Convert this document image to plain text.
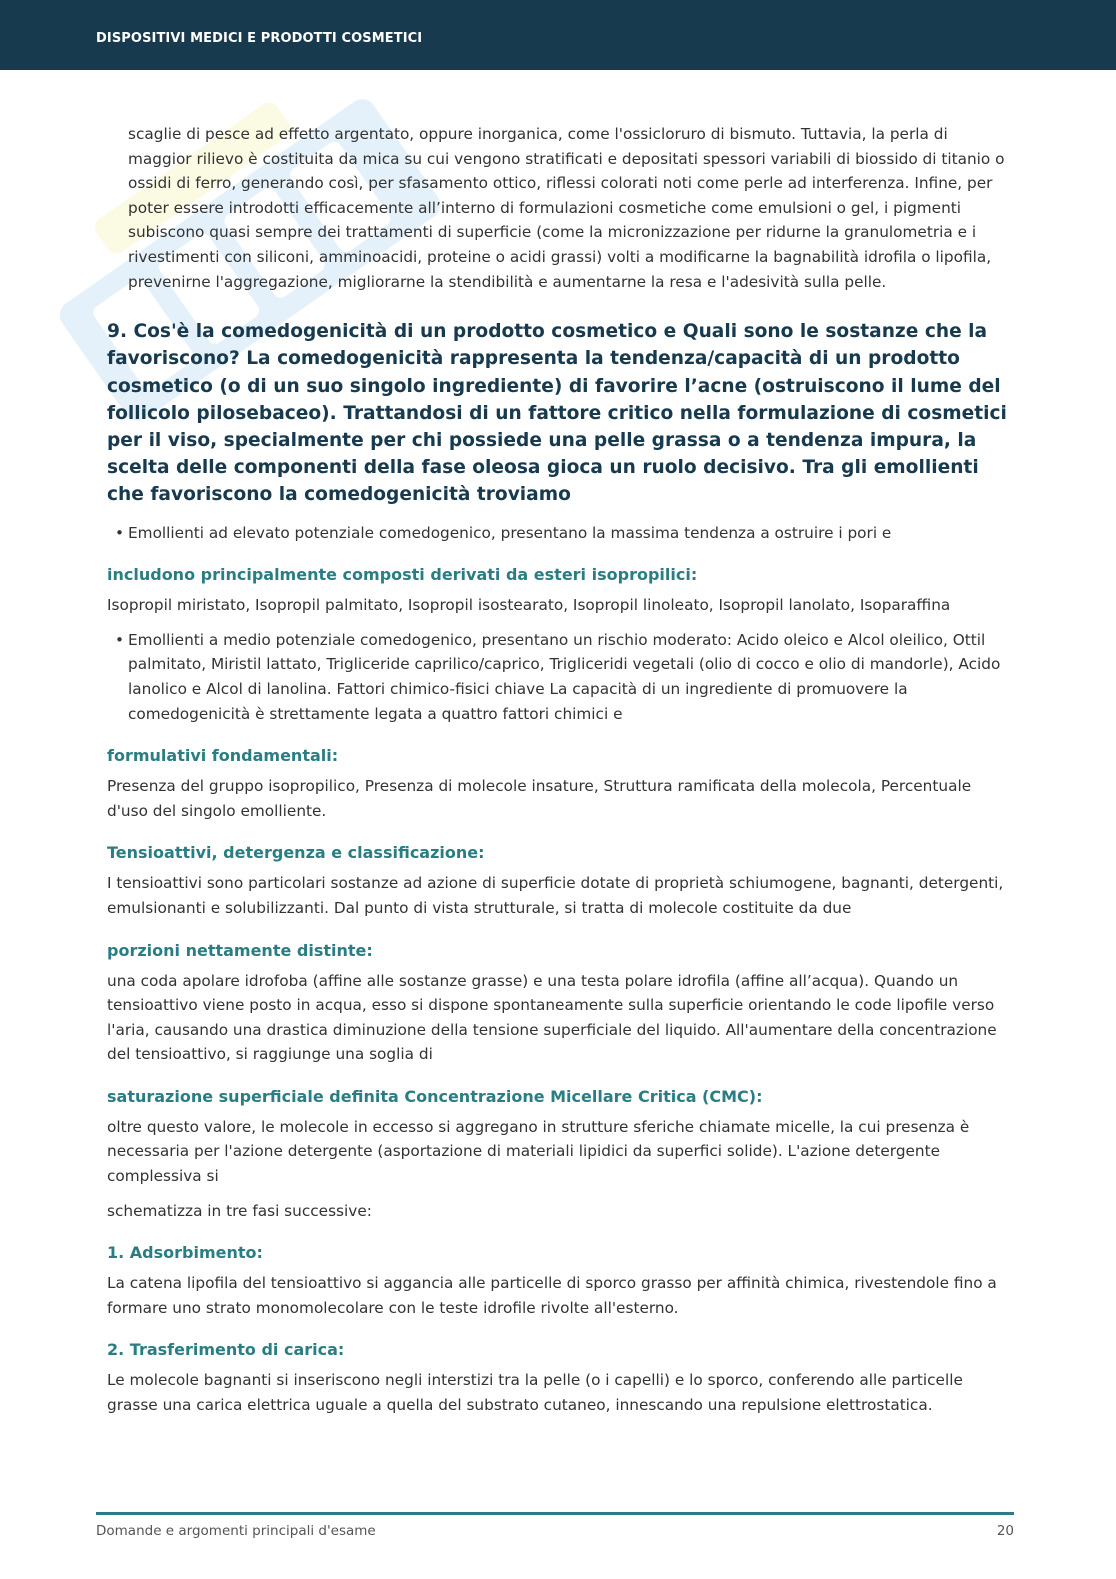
DISPOSITIVI MEDICI E PRODOTTI COSMETICI

scaglie di pesce ad effetto argentato, oppure inorganica, come l'ossicloruro di bismuto. Tuttavia, la perla di maggior rilievo è costituita da mica su cui vengono stratificati e depositati spessori variabili di biossido di titanio o ossidi di ferro, generando così, per sfasamento ottico, riflessi colorati noti come perle ad interferenza. Infine, per poter essere introdotti efficacemente all’interno di formulazioni cosmetiche come emulsioni o gel, i pigmenti subiscono quasi sempre dei trattamenti di superficie (come la micronizzazione per ridurne la granulometria e i rivestimenti con siliconi, amminoacidi, proteine o acidi grassi) volti a modificarne la bagnabilità idrofila o lipofila, prevenirne l'aggregazione, migliorarne la stendibilità e aumentarne la resa e l'adesività sulla pelle.

9. Cos'è la comedogenicità di un prodotto cosmetico e Quali sono le sostanze che la favoriscono? La comedogenicità rappresenta la tendenza/capacità di un prodotto cosmetico (o di un suo singolo ingrediente) di favorire l’acne (ostruiscono il lume del follicolo pilosebaceo). Trattandosi di un fattore critico nella formulazione di cosmetici per il viso, specialmente per chi possiede una pelle grassa o a tendenza impura, la scelta delle componenti della fase oleosa gioca un ruolo decisivo. Tra gli emollienti che favoriscono la comedogenicità troviamo
• Emollienti ad elevato potenziale comedogenico, presentano la massima tendenza a ostruire i pori e
includono principalmente composti derivati da esteri isopropilici:

Isopropil miristato, Isopropil palmitato, Isopropil isostearato, Isopropil linoleato, Isopropil lanolato, Isoparaffina

• Emollienti a medio potenziale comedogenico, presentano un rischio moderato: Acido oleico e Alcol oleilico, Ottil palmitato, Miristil lattato, Trigliceride caprilico/caprico, Trigliceridi vegetali (olio di cocco e olio di mandorle), Acido lanolico e Alcol di lanolina. Fattori chimico-fisici chiave La capacità di un ingrediente di promuovere la comedogenicità è strettamente legata a quattro fattori chimici e
formulativi fondamentali:

Presenza del gruppo isopropilico, Presenza di molecole insature, Struttura ramificata della molecola, Percentuale d'uso del singolo emolliente.

Tensioattivi, detergenza e classificazione:

I tensioattivi sono particolari sostanze ad azione di superficie dotate di proprietà schiumogene, bagnanti, detergenti, emulsionanti e solubilizzanti. Dal punto di vista strutturale, si tratta di molecole costituite da due

porzioni nettamente distinte:

una coda apolare idrofoba (affine alle sostanze grasse) e una testa polare idrofila (affine all’acqua). Quando un tensioattivo viene posto in acqua, esso si dispone spontaneamente sulla superficie orientando le code lipofile verso l'aria, causando una drastica diminuzione della tensione superficiale del liquido. All'aumentare della concentrazione del tensioattivo, si raggiunge una soglia di

saturazione superficiale definita Concentrazione Micellare Critica (CMC):

oltre questo valore, le molecole in eccesso si aggregano in strutture sferiche chiamate micelle, la cui presenza è necessaria per l'azione detergente (asportazione di materiali lipidici da superfici solide). L'azione detergente complessiva si

schematizza in tre fasi successive:

1. Adsorbimento:

La catena lipofila del tensioattivo si aggancia alle particelle di sporco grasso per affinità chimica, rivestendole fino a formare uno strato monomolecolare con le teste idrofile rivolte all'esterno.

2. Trasferimento di carica:

Le molecole bagnanti si inseriscono negli interstizi tra la pelle (o i capelli) e lo sporco, conferendo alle particelle grasse una carica elettrica uguale a quella del substrato cutaneo, innescando una repulsione elettrostatica.

Domande e argomenti principali d'esame	20
